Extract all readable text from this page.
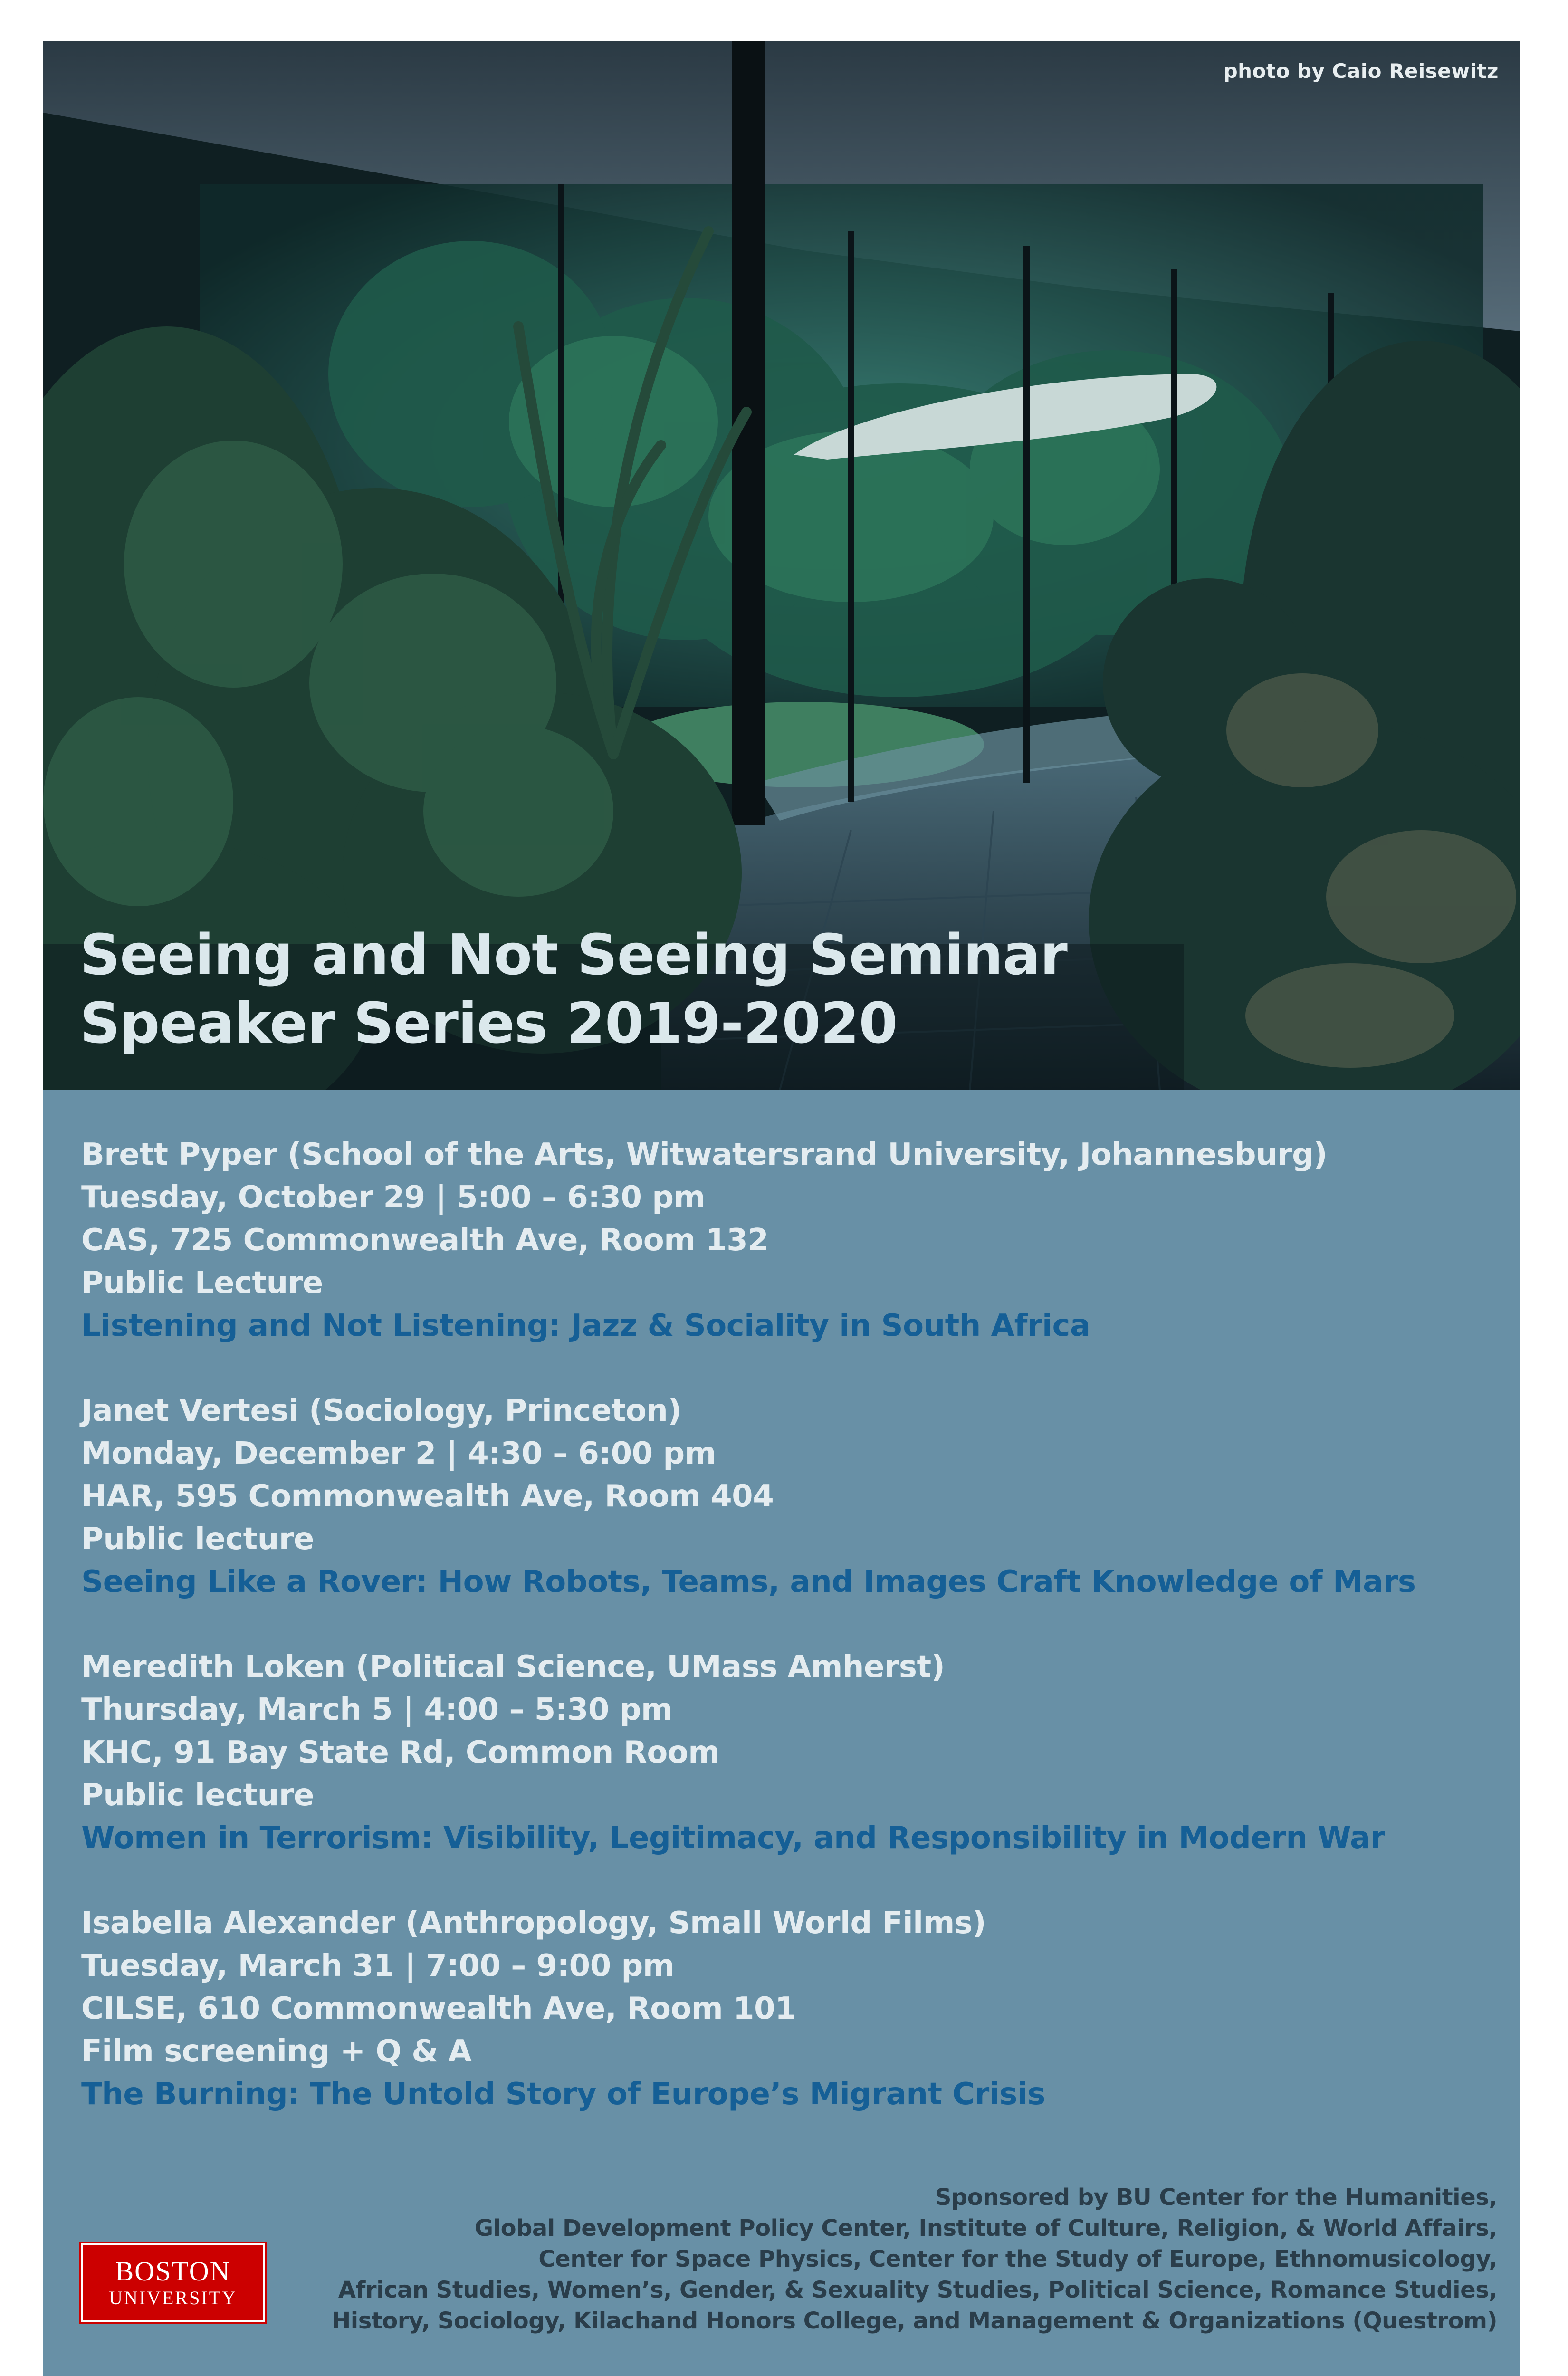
photo by Caio Reisewitz
Seeing and Not Seeing Seminar
Speaker Series 2019-2020
Brett Pyper (School of the Arts, Witwatersrand University, Johannesburg)
Tuesday, October 29 | 5:00 – 6:30 pm
CAS, 725 Commonwealth Ave, Room 132
Public Lecture
Listening and Not Listening: Jazz & Sociality in South Africa
Janet Vertesi (Sociology, Princeton)
Monday, December 2 | 4:30 – 6:00 pm
HAR, 595 Commonwealth Ave, Room 404
Public lecture
Seeing Like a Rover: How Robots, Teams, and Images Craft Knowledge of Mars
Meredith Loken (Political Science, UMass Amherst)
Thursday, March 5 | 4:00 – 5:30 pm
KHC, 91 Bay State Rd, Common Room
Public lecture
Women in Terrorism: Visibility, Legitimacy, and Responsibility in Modern War
Isabella Alexander (Anthropology, Small World Films)
Tuesday, March 31 | 7:00 – 9:00 pm
CILSE, 610 Commonwealth Ave, Room 101
Film screening + Q & A
The Burning: The Untold Story of Europe’s Migrant Crisis
BOSTON
UNIVERSITY
Sponsored by BU Center for the Humanities,
Global Development Policy Center, Institute of Culture, Religion, & World Affairs,
Center for Space Physics, Center for the Study of Europe, Ethnomusicology,
African Studies, Women’s, Gender, & Sexuality Studies, Political Science, Romance Studies,
History, Sociology, Kilachand Honors College, and Management & Organizations (Questrom)
